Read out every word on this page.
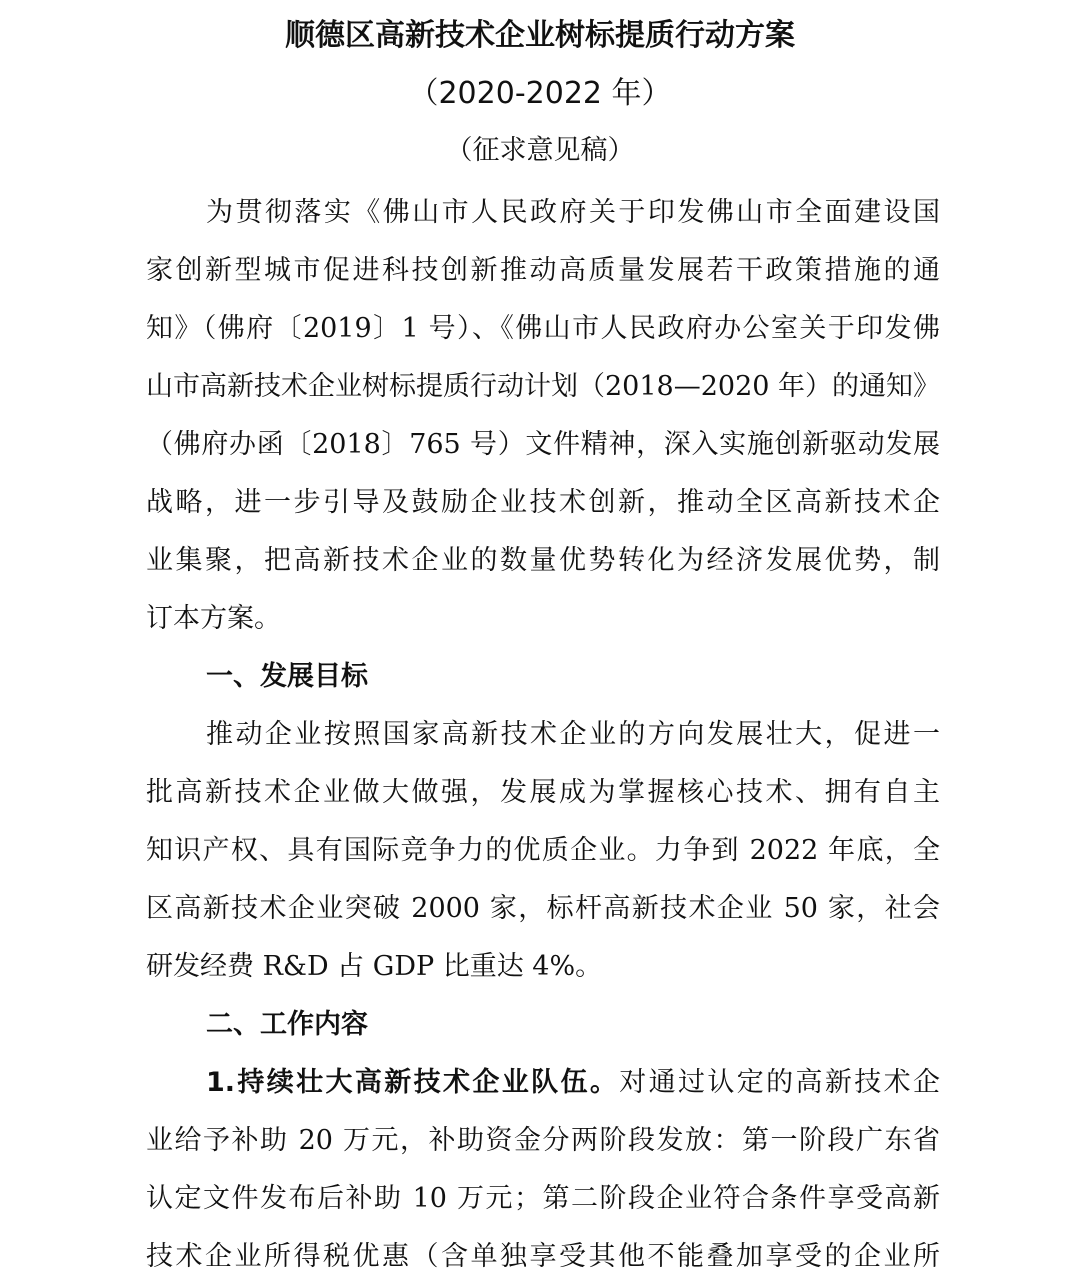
顺德区高新技术企业树标提质行动方案
（2020-2022 年）
（征求意见稿）
为贯彻落实《佛山市人民政府关于印发佛山市全面建设国
家创新型城市促进科技创新推动高质量发展若干政策措施的通
知》（佛府〔2019〕1 号）、《佛山市人民政府办公室关于印发佛
山市高新技术企业树标提质行动计划（2018—2020 年）的通知》
（佛府办函〔2018〕765 号）文件精神，深入实施创新驱动发展
战略，进一步引导及鼓励企业技术创新，推动全区高新技术企
业集聚，把高新技术企业的数量优势转化为经济发展优势，制
订本方案。
一、发展目标
推动企业按照国家高新技术企业的方向发展壮大，促进一
批高新技术企业做大做强，发展成为掌握核心技术、拥有自主
知识产权、具有国际竞争力的优质企业。力争到 2022 年底，全
区高新技术企业突破 2000 家，标杆高新技术企业 50 家，社会
研发经费 R&D 占 GDP 比重达 4%。
二、工作内容
1.持续壮大高新技术企业队伍。对通过认定的高新技术企
业给予补助 20 万元，补助资金分两阶段发放：第一阶段广东省
认定文件发布后补助 10 万元；第二阶段企业符合条件享受高新
技术企业所得税优惠（含单独享受其他不能叠加享受的企业所
